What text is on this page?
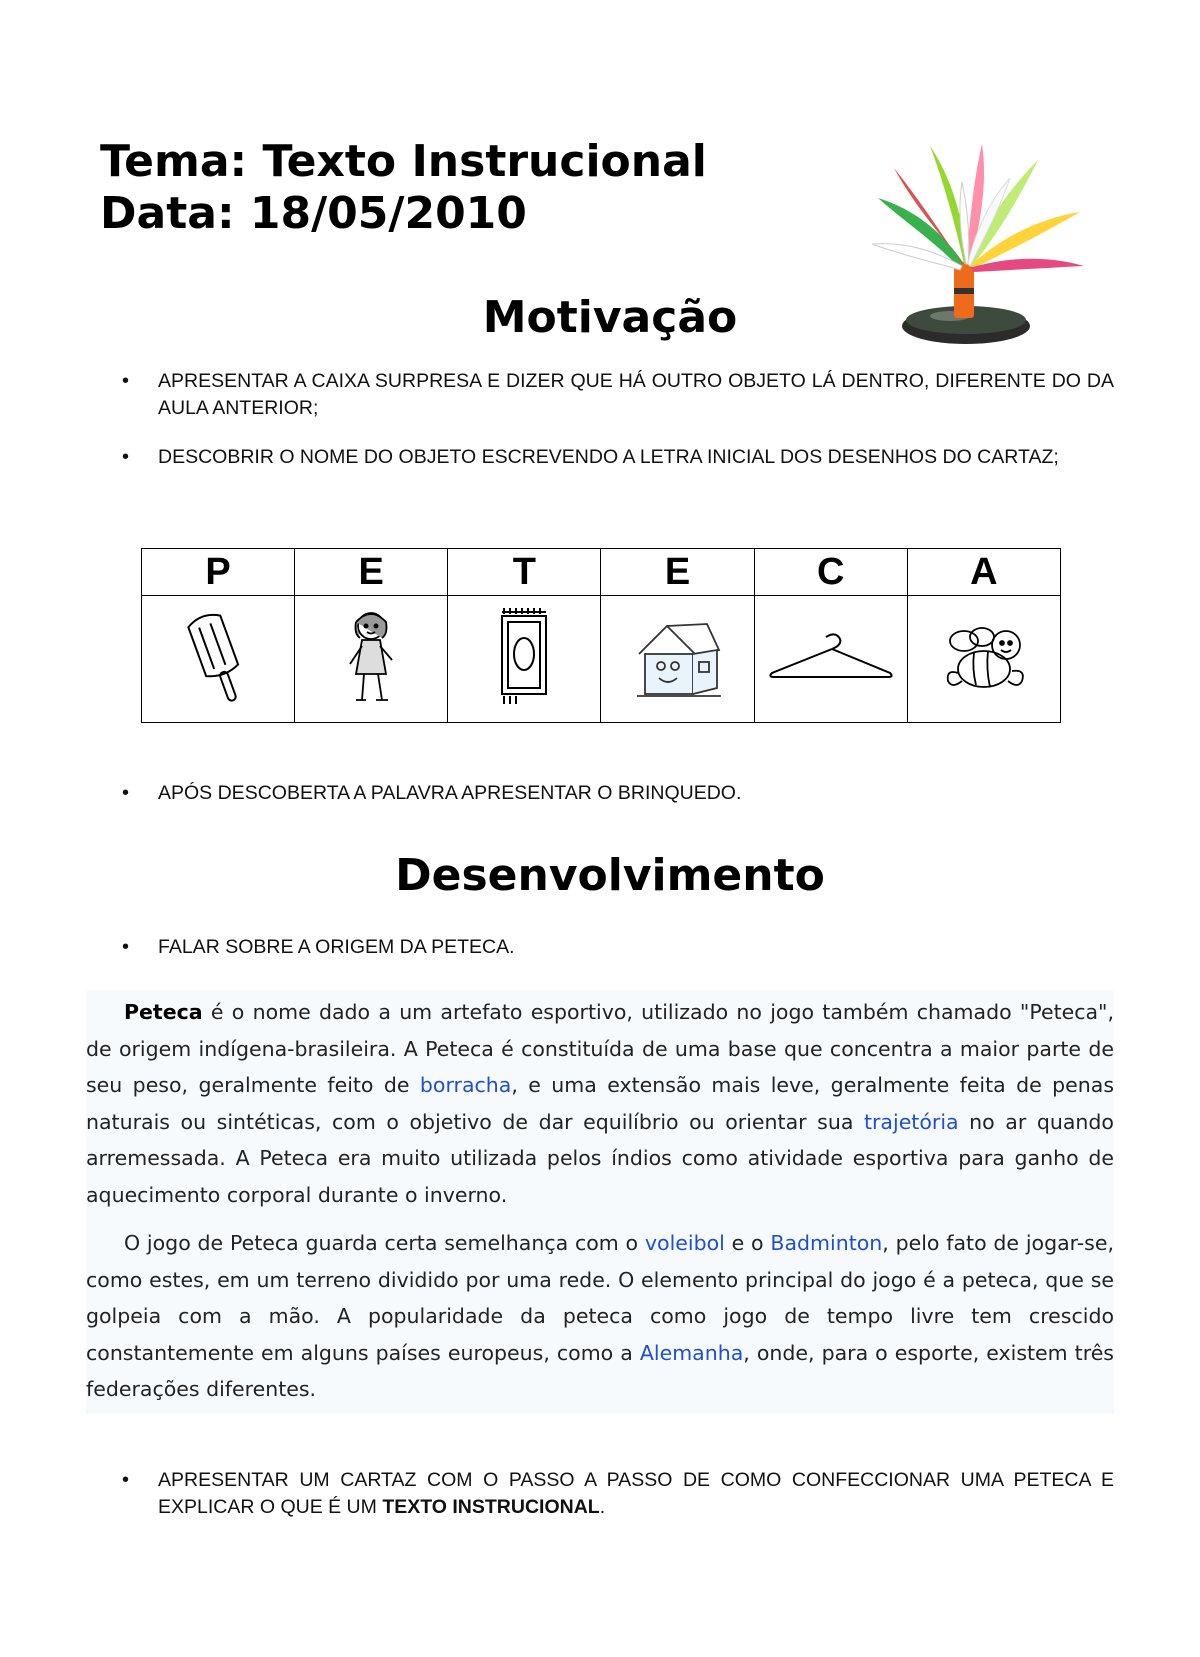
Tema: Texto Instrucional
Data: 18/05/2010
Motivação
• APRESENTAR A CAIXA SURPRESA E DIZER QUE HÁ OUTRO OBJETO LÁ DENTRO, DIFERENTE DO DA AULA ANTERIOR;
• DESCOBRIR O NOME DO OBJETO ESCREVENDO A LETRA INICIAL DOS DESENHOS DO CARTAZ;
P	E	T	E	C	A

• APÓS DESCOBERTA A PALAVRA APRESENTAR O BRINQUEDO.
Desenvolvimento
• FALAR SOBRE A ORIGEM DA PETECA.

Peteca é o nome dado a um artefato esportivo, utilizado no jogo também chamado "Peteca", de origem indígena-brasileira. A Peteca é constituída de uma base que concentra a maior parte de seu peso, geralmente feito de borracha, e uma extensão mais leve, geralmente feita de penas naturais ou sintéticas, com o objetivo de dar equilíbrio ou orientar sua trajetória no ar quando arremessada. A Peteca era muito utilizada pelos índios como atividade esportiva para ganho de aquecimento corporal durante o inverno.

O jogo de Peteca guarda certa semelhança com o voleibol e o Badminton, pelo fato de jogar-se, como estes, em um terreno dividido por uma rede. O elemento principal do jogo é a peteca, que se golpeia com a mão. A popularidade da peteca como jogo de tempo livre tem crescido constantemente em alguns países europeus, como a Alemanha, onde, para o esporte, existem três federações diferentes.

• APRESENTAR UM CARTAZ COM O PASSO A PASSO DE COMO CONFECCIONAR UMA PETECA E EXPLICAR O QUE É UM TEXTO INSTRUCIONAL.
